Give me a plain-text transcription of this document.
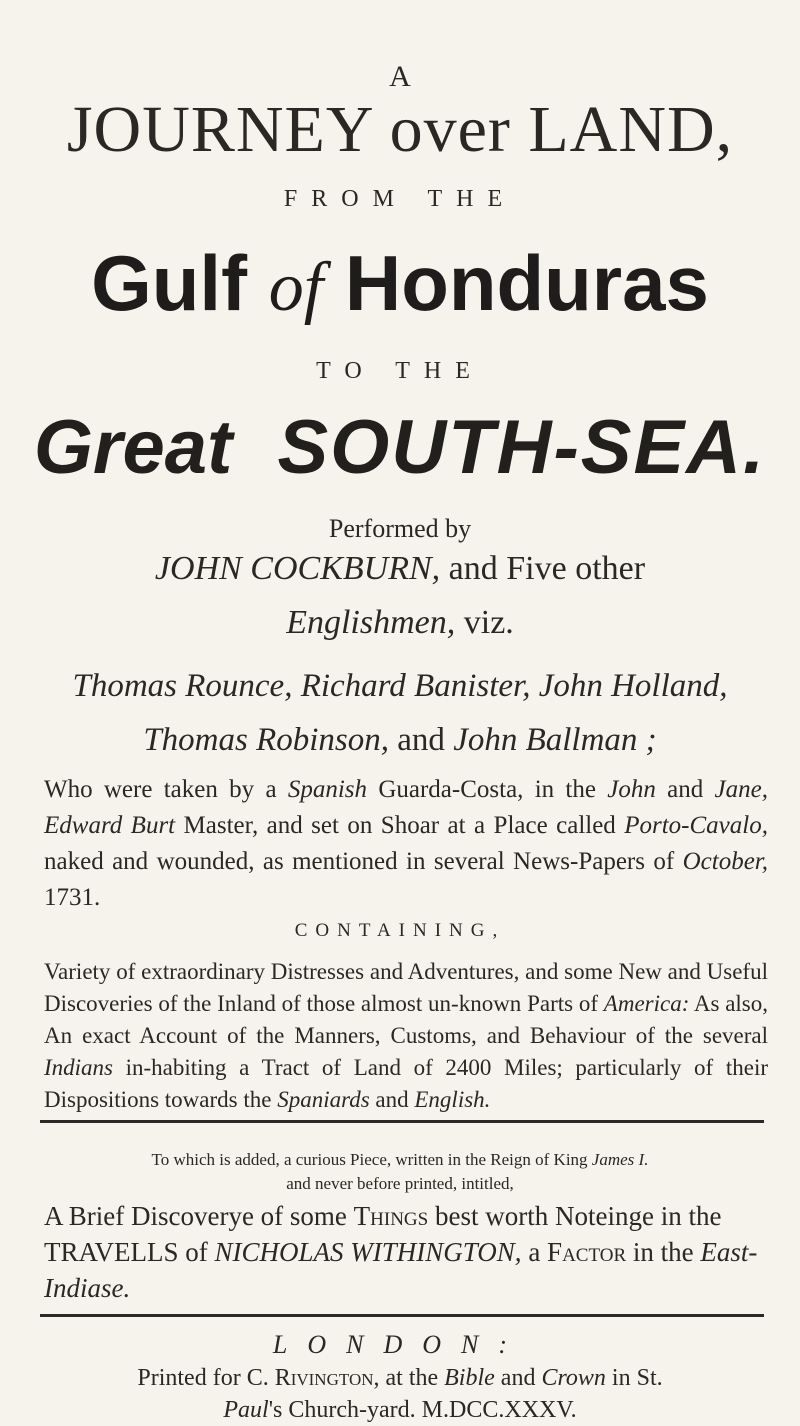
A
JOURNEY over LAND,
FROM THE
Gulf of Honduras
TO THE
Great SOUTH-SEA.
Performed by
JOHN COCKBURN, and Five other
Englishmen, viz.
Thomas Rounce, Richard Banister, John Holland,
Thomas Robinson, and John Ballman ;
Who were taken by a Spanish Guarda-Costa, in the John and Jane, Edward Burt Master, and set on Shoar at a Place called Porto-Cavalo, naked and wounded, as mentioned in several News-Papers of October, 1731.
CONTAINING,
Variety of extraordinary Distresses and Adventures, and some New and Useful Discoveries of the Inland of those almost un-known Parts of America: As also, An exact Account of the Manners, Customs, and Behaviour of the several Indians in-habiting a Tract of Land of 2400 Miles; particularly of their Dispositions towards the Spaniards and English.
To which is added, a curious Piece, written in the Reign of King James I.
and never before printed, intitled,
A Brief Discoverye of some Things best worth Noteinge in the TRAVELLS of NICHOLAS WITHINGTON, a Factor in the East-Indiase.
LONDON:
Printed for C. Rivington, at the Bible and Crown in St.
Paul's Church-yard. M.DCC.XXXV.
